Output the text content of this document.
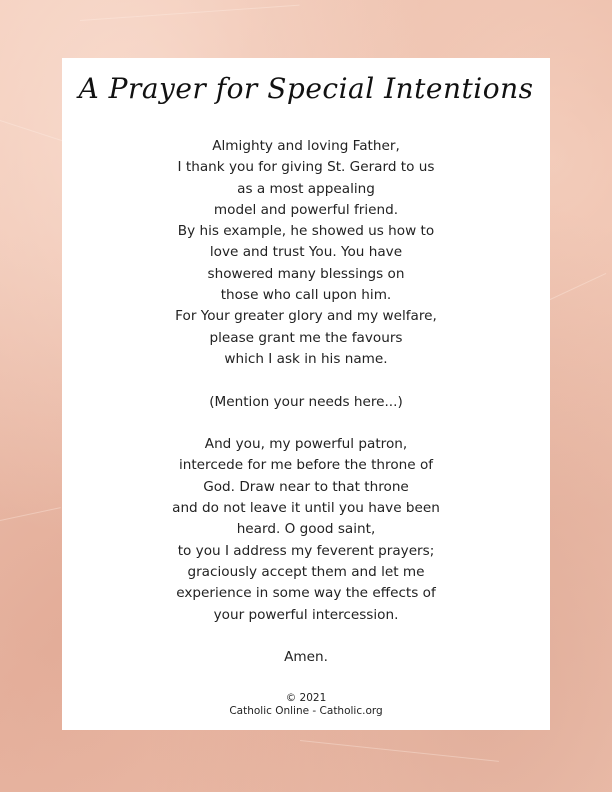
A Prayer for Special Intentions
Almighty and loving Father,
I thank you for giving St. Gerard to us
as a most appealing
model and powerful friend.
By his example, he showed us how to
love and trust You. You have
showered many blessings on
those who call upon him.
For Your greater glory and my welfare,
please grant me the favours
which I ask in his name.
(Mention your needs here...)
And you, my powerful patron,
intercede for me before the throne of
God. Draw near to that throne
and do not leave it until you have been
heard. O good saint,
to you I address my feverent prayers;
graciously accept them and let me
experience in some way the effects of
your powerful intercession.
Amen.
© 2021
Catholic Online - Catholic.org
